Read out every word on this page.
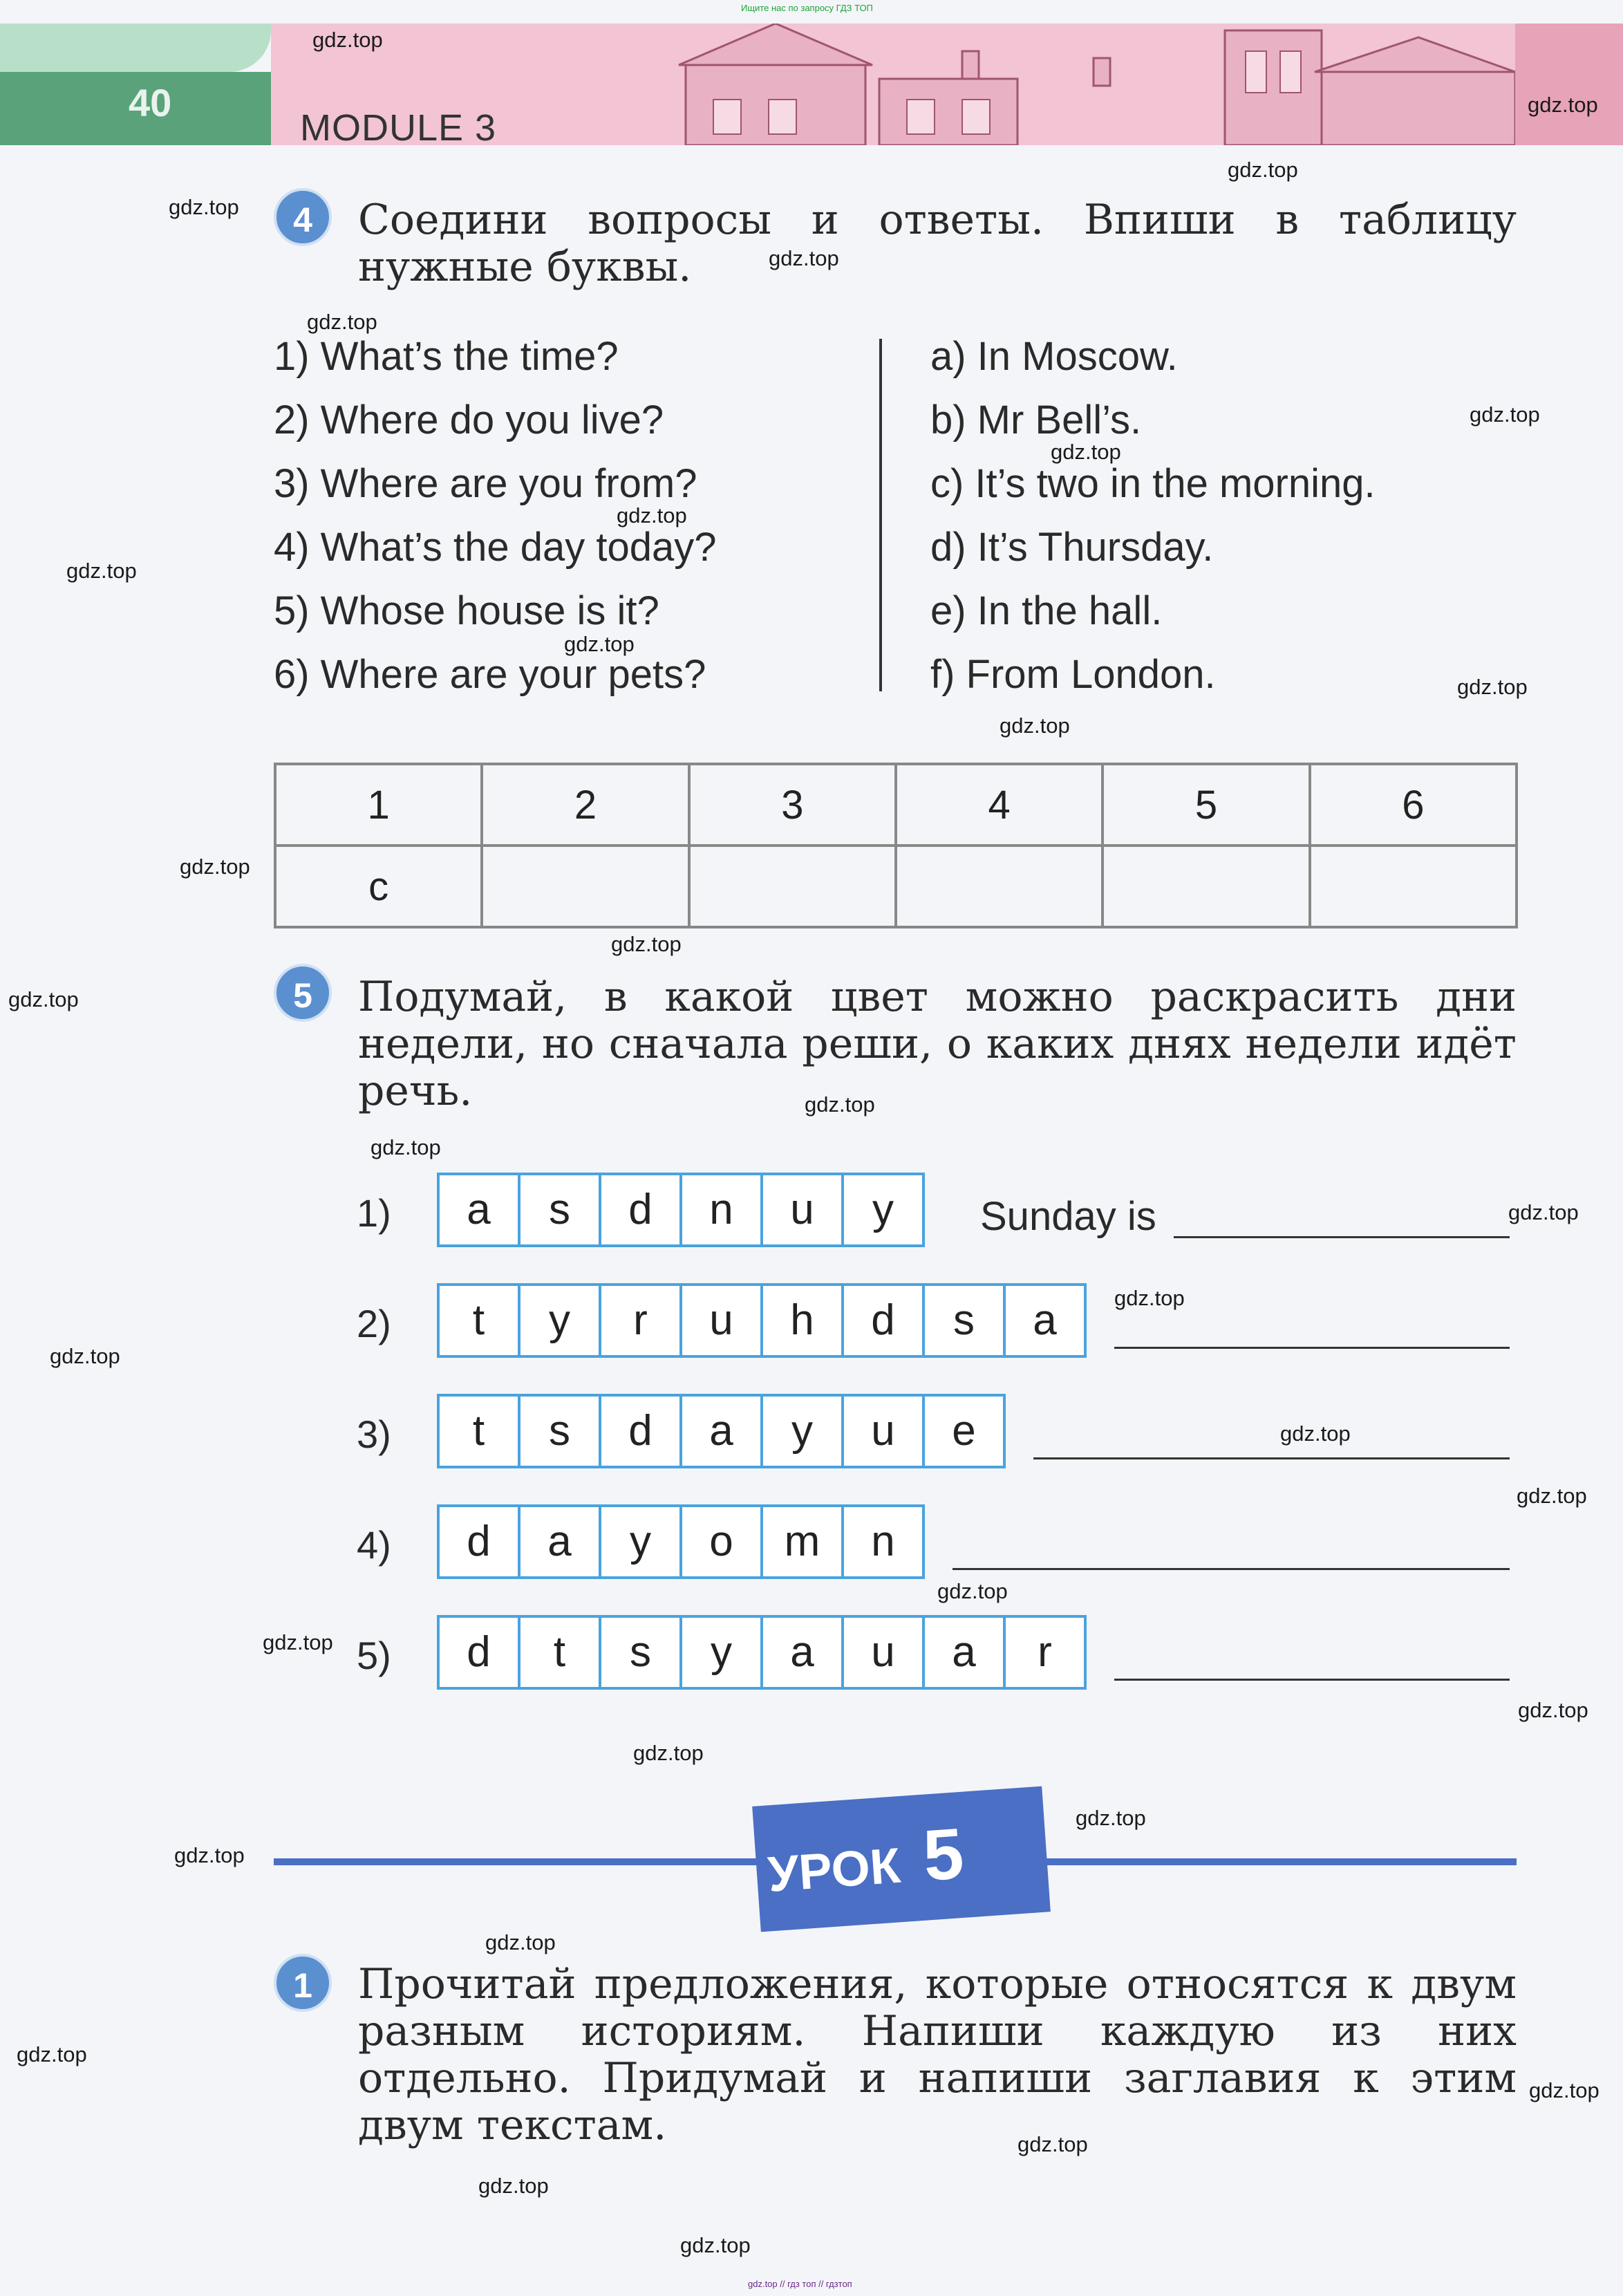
Ищите нас по запросу ГДЗ ТОП
40
MODULE 3
4	Соедини вопросы и ответы. Впиши в таблицу нужные буквы.
1) What’s the time?
2) Where do you live?
3) Where are you from?
4) What’s the day today?
5) Whose house is it?
6) Where are your pets?
a) In Moscow.
b) Mr Bell’s.
c) It’s two in the morning.
d) It’s Thursday.
e) In the hall.
f) From London.
1	2	3	4	5	6
c					
5	Подумай, в какой цвет можно раскрасить дни недели, но сначала реши, о каких днях недели идёт речь.
1)	a	s	d	n	u	y	Sunday is
2)	t	y	r	u	h	d	s	a
3)	t	s	d	a	y	u	e
4)	d	a	y	o	m	n
5)	d	t	s	y	a	u	a	r
УРОК 5
1	Прочитай предложения, которые относятся к двум разным историям. Напиши каждую из них отдельно. Придумай и напиши заглавия к этим двум текстам.
gdz.top
gdz.top
gdz.top
gdz.top
gdz.top
gdz.top
gdz.top
gdz.top
gdz.top
gdz.top
gdz.top
gdz.top
gdz.top
gdz.top
gdz.top
gdz.top
gdz.top
gdz.top
gdz.top
gdz.top
gdz.top
gdz.top
gdz.top
gdz.top
gdz.top
gdz.top
gdz.top
gdz.top
gdz.top
gdz.top
gdz.top
gdz.top
gdz.top
gdz.top
gdz.top
gdz.top // гдз топ // гдзтоп
